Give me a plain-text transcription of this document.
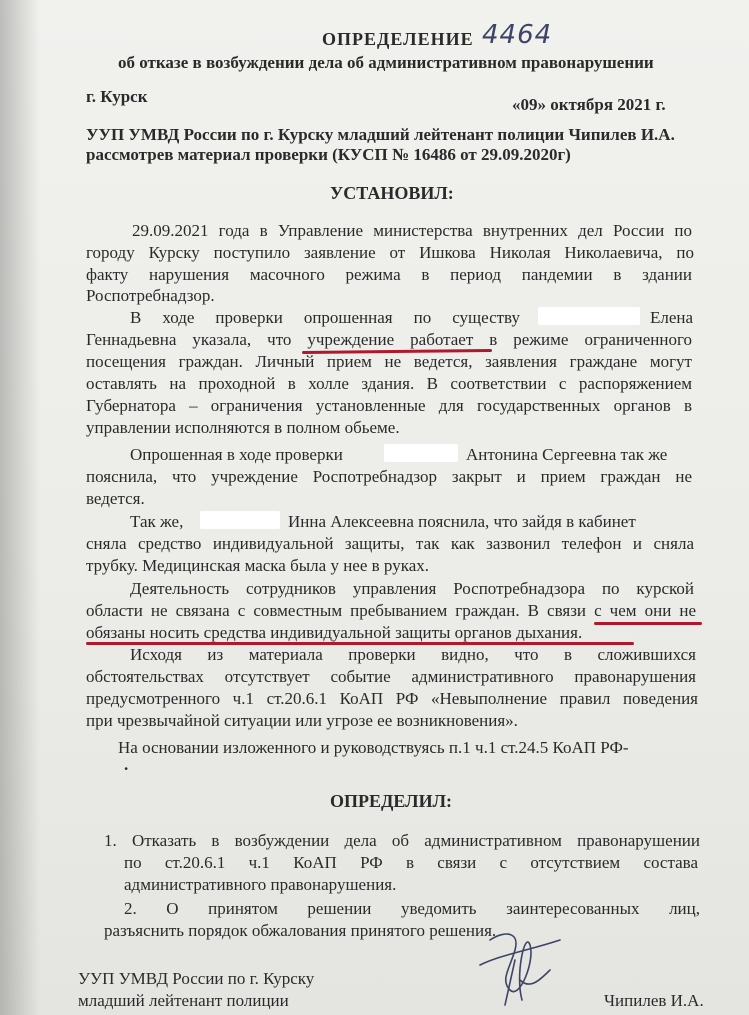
ОПРЕДЕЛЕНИЕ 4464
об отказе в возбуждении дела об административном правонарушении
г. Курск	«09» октября 2021 г.
УУП УМВД России по г. Курску младший лейтенант полиции Чипилев И.А.
рассмотрев материал проверки (КУСП № 16486 от 29.09.2020г)
УСТАНОВИЛ:
29.09.2021 года в Управление министерства внутренних дел России по
городу Курску поступило заявление от Ишкова Николая Николаевича, по
факту нарушения масочного режима в период пандемии в здании
Роспотребнадзор.
В ходе проверки опрошенная по существу	Елена
Геннадьевна указала, что учреждение работает в режиме ограниченного
посещения граждан. Личный прием не ведется, заявления граждане могут
оставлять на проходной в холле здания. В соответствии с распоряжением
Губернатора – ограничения установленные для государственных органов в
управлении исполняются в полном обьеме.
Опрошенная в ходе проверки	Антонина Сергеевна так же
пояснила, что учреждение Роспотребнадзор закрыт и прием граждан не
ведется.
Так же,	Инна Алексеевна пояснила, что зайдя в кабинет
сняла средство индивидуальной защиты, так как зазвонил телефон и сняла
трубку. Медицинская маска была у нее в руках.
Деятельность сотрудников управления Роспотребнадзора по курской
области не связана с совместным пребыванием граждан. В связи с чем они не
обязаны носить средства индивидуальной защиты органов дыхания.
Исходя из материала проверки видно, что в сложившихся
обстоятельствах отсутствует событие административного правонарушения
предусмотренного ч.1 ст.20.6.1 КоАП РФ «Невыполнение правил поведения
при чрезвычайной ситуации или угрозе ее возникновения».
На основании изложенного и руководствуясь п.1 ч.1 ст.24.5 КоАП РФ-
.
ОПРЕДЕЛИЛ:
1. Отказать в возбуждении дела об административном правонарушении
по ст.20.6.1 ч.1 КоАП РФ в связи с отсутствием состава
административного правонарушения.
2. О принятом решении уведомить заинтересованных лиц,
разъяснить порядок обжалования принятого решения.
УУП УМВД России по г. Курску
младший лейтенант полиции	Чипилев И.А.
